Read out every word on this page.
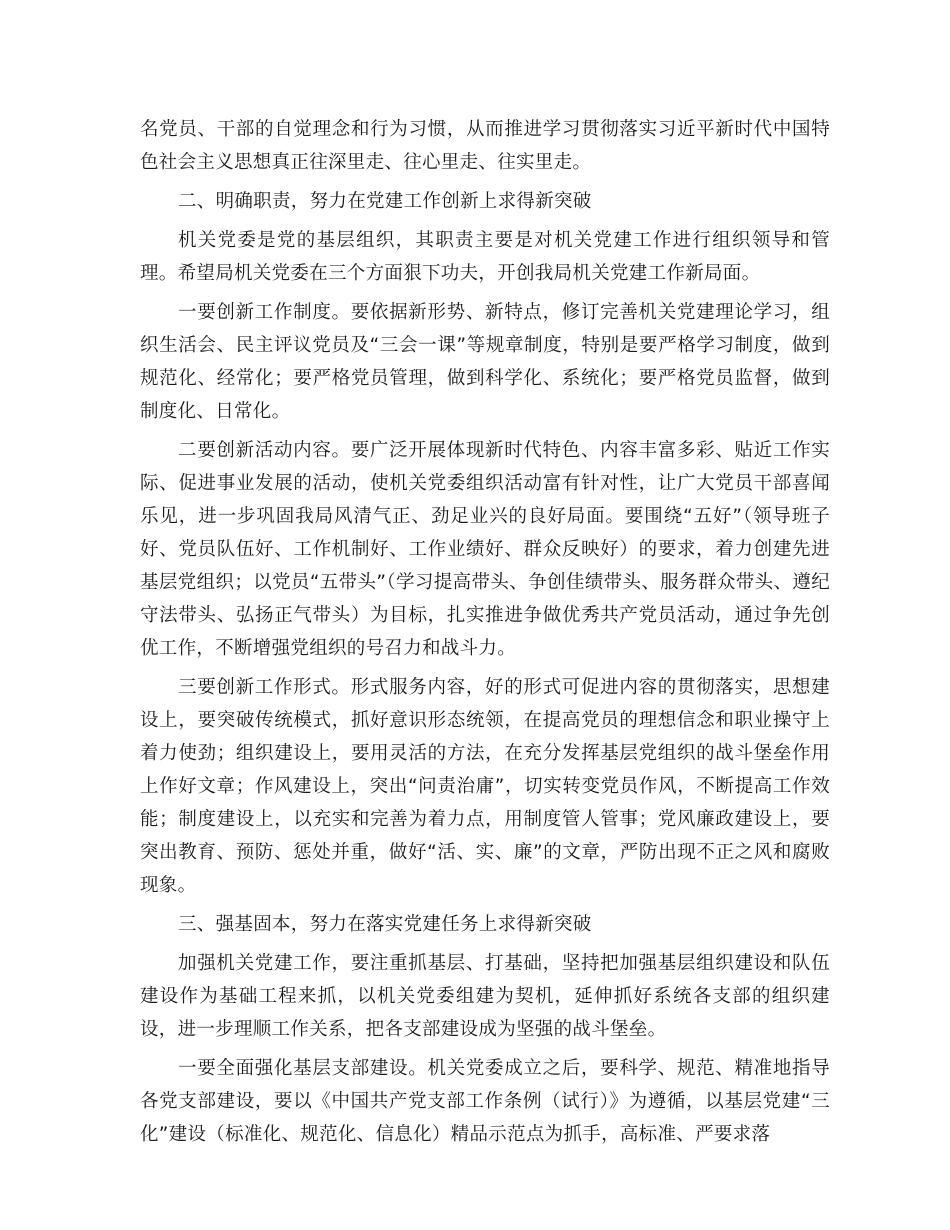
名党员、干部的自觉理念和行为习惯，从而推进学习贯彻落实习近平新时代中国特色社会主义思想真正往深里走、往心里走、往实里走。

二、明确职责，努力在党建工作创新上求得新突破

机关党委是党的基层组织，其职责主要是对机关党建工作进行组织领导和管理。希望局机关党委在三个方面狠下功夫，开创我局机关党建工作新局面。

一要创新工作制度。要依据新形势、新特点，修订完善机关党建理论学习，组织生活会、民主评议党员及“三会一课”等规章制度，特别是要严格学习制度，做到规范化、经常化；要严格党员管理，做到科学化、系统化；要严格党员监督，做到制度化、日常化。

二要创新活动内容。要广泛开展体现新时代特色、内容丰富多彩、贴近工作实际、促进事业发展的活动，使机关党委组织活动富有针对性，让广大党员干部喜闻乐见，进一步巩固我局风清气正、劲足业兴的良好局面。要围绕“五好”（领导班子好、党员队伍好、工作机制好、工作业绩好、群众反映好）的要求，着力创建先进基层党组织；以党员“五带头”（学习提高带头、争创佳绩带头、服务群众带头、遵纪守法带头、弘扬正气带头）为目标，扎实推进争做优秀共产党员活动，通过争先创优工作，不断增强党组织的号召力和战斗力。

三要创新工作形式。形式服务内容，好的形式可促进内容的贯彻落实，思想建设上，要突破传统模式，抓好意识形态统领，在提高党员的理想信念和职业操守上着力使劲；组织建设上，要用灵活的方法，在充分发挥基层党组织的战斗堡垒作用上作好文章；作风建设上，突出“问责治庸”，切实转变党员作风，不断提高工作效能；制度建设上，以充实和完善为着力点，用制度管人管事；党风廉政建设上，要突出教育、预防、惩处并重，做好“活、实、廉”的文章，严防出现不正之风和腐败现象。

三、强基固本，努力在落实党建任务上求得新突破

加强机关党建工作，要注重抓基层、打基础，坚持把加强基层组织建设和队伍建设作为基础工程来抓，以机关党委组建为契机，延伸抓好系统各支部的组织建设，进一步理顺工作关系，把各支部建设成为坚强的战斗堡垒。

一要全面强化基层支部建设。机关党委成立之后，要科学、规范、精准地指导各党支部建设，要以《中国共产党支部工作条例（试行）》为遵循，以基层党建“三化”建设（标准化、规范化、信息化）精品示范点为抓手，高标准、严要求落
